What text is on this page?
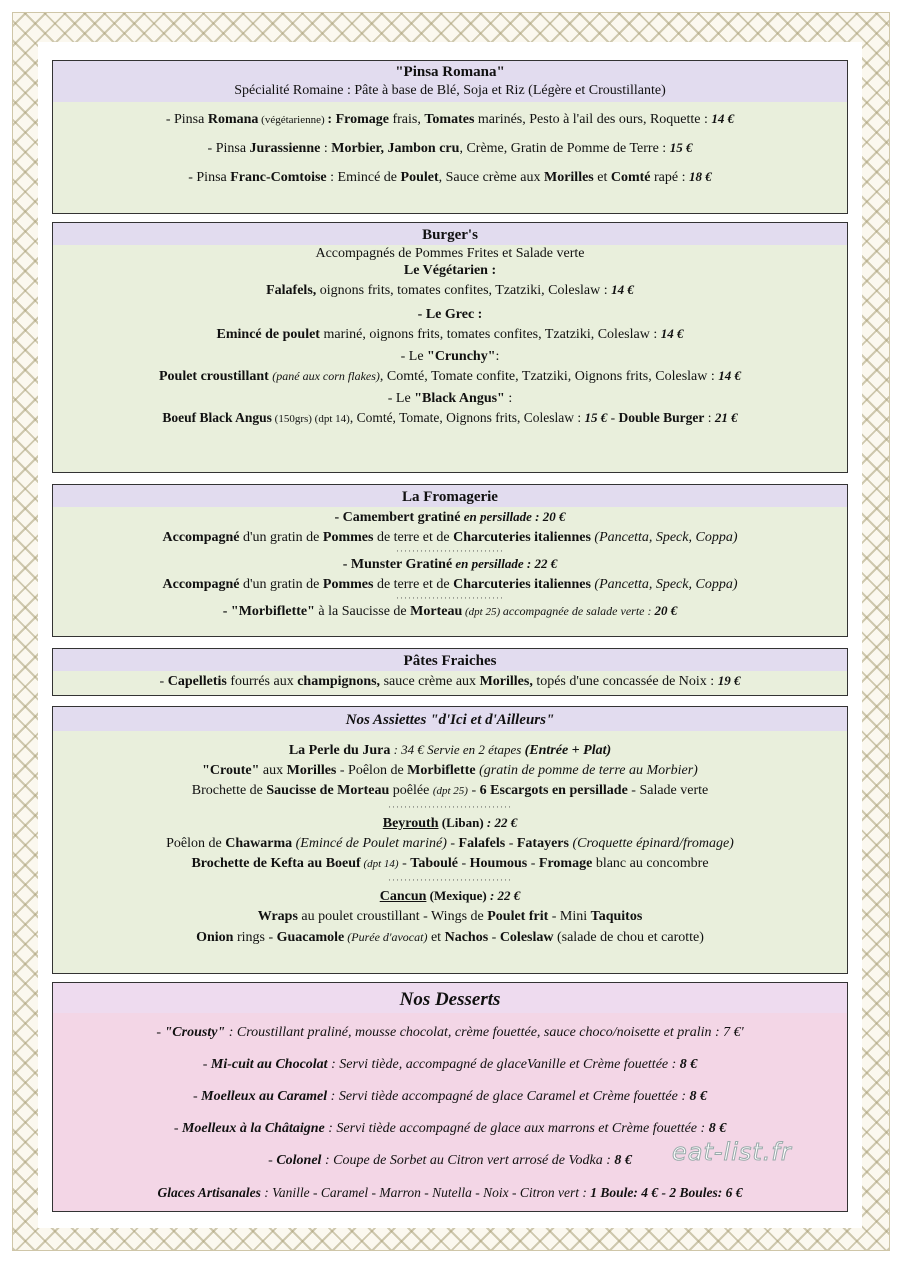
"Pinsa Romana"
Spécialité Romaine : Pâte à base de Blé, Soja et Riz (Légère et Croustillante)
- Pinsa Romana (végétarienne) : Fromage frais, Tomates marinés, Pesto à l'ail des ours, Roquette : 14 €
- Pinsa Jurassienne : Morbier, Jambon cru, Crème, Gratin de Pomme de Terre : 15 €
- Pinsa Franc-Comtoise : Emincé de Poulet, Sauce crème aux Morilles et Comté rapé : 18 €
Burger's
Accompagnés de Pommes Frites et Salade verte
Le Végétarien :
Falafels, oignons frits, tomates confites, Tzatziki, Coleslaw : 14 €
- Le Grec :
Emincé de poulet mariné, oignons frits, tomates confites, Tzatziki, Coleslaw : 14 €
- Le "Crunchy":
Poulet croustillant (pané aux corn flakes), Comté, Tomate confite, Tzatziki, Oignons frits, Coleslaw : 14 €
- Le "Black Angus" :
Boeuf Black Angus (150grs) (dpt 14), Comté, Tomate, Oignons frits, Coleslaw : 15 € - Double Burger : 21 €
La Fromagerie
- Camembert gratiné en persillade : 20 €
Accompagné d'un gratin de Pommes de terre et de Charcuteries italiennes (Pancetta, Speck, Coppa)
···························
- Munster Gratiné en persillade : 22 €
Accompagné d'un gratin de Pommes de terre et de Charcuteries italiennes (Pancetta, Speck, Coppa)
···························
- "Morbiflette" à la Saucisse de Morteau (dpt 25) accompagnée de salade verte : 20 €
Pâtes Fraiches
- Capelletis fourrés aux champignons, sauce crème aux Morilles, topés d'une concassée de Noix : 19 €
Nos Assiettes "d'Ici et d'Ailleurs"
La Perle du Jura : 34 € Servie en 2 étapes (Entrée + Plat)
"Croute" aux Morilles - Poêlon de Morbiflette (gratin de pomme de terre au Morbier)
Brochette de Saucisse de Morteau poêlée (dpt 25) - 6 Escargots en persillade - Salade verte
·······························
Beyrouth (Liban) : 22 €
Poêlon de Chawarma (Emincé de Poulet mariné) - Falafels - Fatayers (Croquette épinard/fromage)
Brochette de Kefta au Boeuf (dpt 14) - Taboulé - Houmous - Fromage blanc au concombre
·······························
Cancun (Mexique) : 22 €
Wraps au poulet croustillant - Wings de Poulet frit - Mini Taquitos
Onion rings - Guacamole (Purée d'avocat) et Nachos - Coleslaw (salade de chou et carotte)
Nos Desserts
- "Crousty" : Croustillant praliné, mousse chocolat, crème fouettée, sauce choco/noisette et pralin : 7 €'
- Mi-cuit au Chocolat : Servi tiède, accompagné de glaceVanille et Crème fouettée : 8 €
- Moelleux au Caramel : Servi tiède accompagné de glace Caramel et Crème fouettée : 8 €
- Moelleux à la Châtaigne : Servi tiède accompagné de glace aux marrons et Crème fouettée : 8 €
- Colonel : Coupe de Sorbet au Citron vert arrosé de Vodka : 8 €
Glaces Artisanales : Vanille - Caramel - Marron - Nutella - Noix - Citron vert : 1 Boule: 4 € - 2 Boules: 6 €
eat-list.fr
